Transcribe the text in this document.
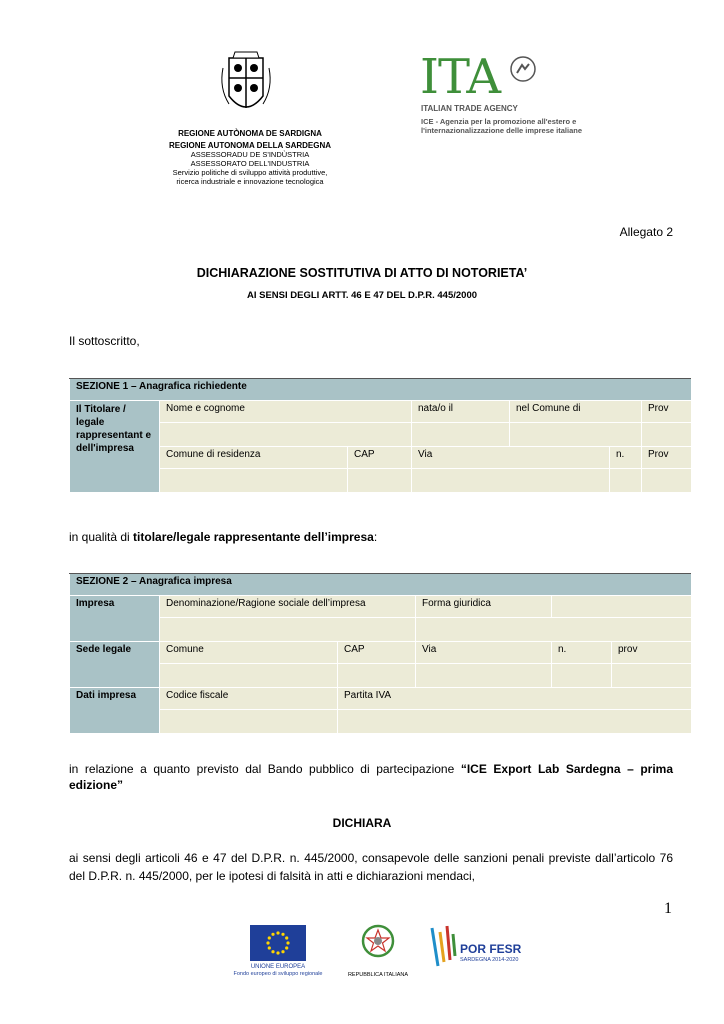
REGIONE AUTÒNOMA DE SARDIGNA
REGIONE AUTONOMA DELLA SARDEGNA
ASSESSORADU DE S'INDÙSTRIA
ASSESSORATO DELL'INDUSTRIA
Servizio politiche di sviluppo attività produttive,
ricerca industriale e innovazione tecnologica
ITA
ITALIAN TRADE AGENCY
ICE - Agenzia per la promozione all'estero e
l'internazionalizzazione delle imprese italiane
Allegato 2
DICHIARAZIONE SOSTITUTIVA DI ATTO DI NOTORIETA’
AI SENSI DEGLI ARTT. 46 E 47 DEL D.P.R. 445/2000
Il sottoscritto,
SEZIONE 1 – Anagrafica richiedente						
Il Titolare / legale rappresentant e dell'impresa	Nome e cognome		nata/o il	nel Comune di		Prov

	Comune di residenza	CAP	Via		n.	Prov

in qualità di titolare/legale rappresentante dell’impresa:
SEZIONE 2 – Anagrafica impresa					
Impresa	Denominazione/Ragione sociale dell’impresa		Forma giuridica		

Sede legale	Comune	CAP	Via	n.	prov

Dati impresa	Codice fiscale	Partita IVA			

in relazione a quanto previsto dal Bando pubblico di partecipazione “ICE Export Lab Sardegna – prima edizione”
DICHIARA
ai sensi degli articoli 46 e 47 del D.P.R. n. 445/2000, consapevole delle sanzioni penali previste dall’articolo 76 del D.P.R. n. 445/2000, per le ipotesi di falsità in atti e dichiarazioni mendaci,
1
UNIONE EUROPEA
Fondo europeo di sviluppo regionale	REPUBBLICA ITALIANA
POR FESR
SARDEGNA 2014-2020
